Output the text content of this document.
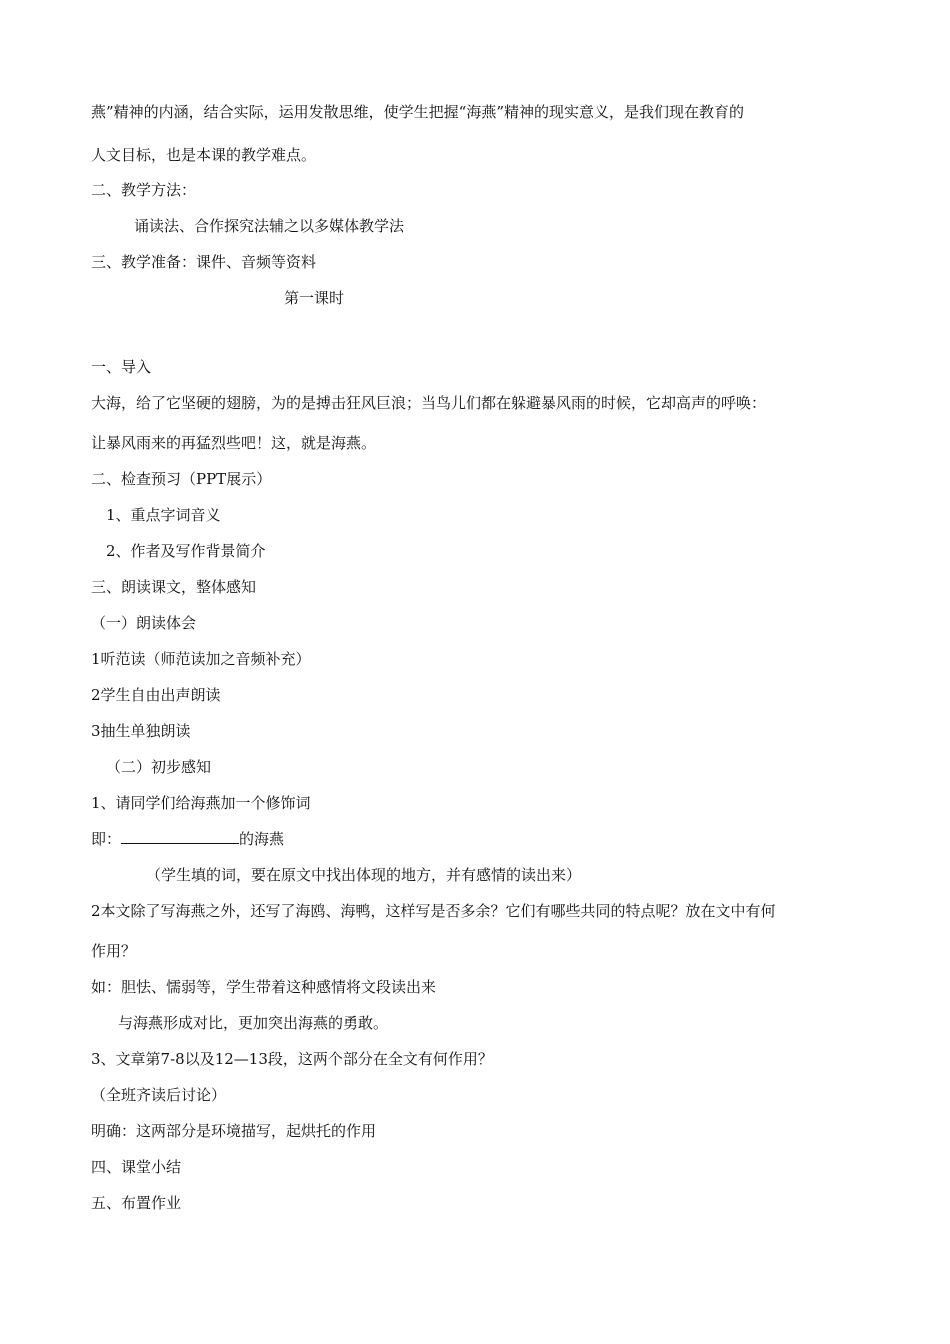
燕”精神的内涵，结合实际，运用发散思维，使学生把握“海燕”精神的现实意义，是我们现在教育的
人文目标，也是本课的教学难点。
二、教学方法：
诵读法、合作探究法辅之以多媒体教学法
三、教学准备：课件、音频等资料
第一课时
一、导入
大海，给了它坚硬的翅膀，为的是搏击狂风巨浪；当鸟儿们都在躲避暴风雨的时候，它却高声的呼唤：
让暴风雨来的再猛烈些吧！这，就是海燕。
二、检查预习（PPT展示）
1、重点字词音义
2、作者及写作背景简介
三、朗读课文，整体感知
（一）朗读体会
1听范读（师范读加之音频补充）
2学生自由出声朗读
3抽生单独朗读
（二）初步感知
1、请同学们给海燕加一个修饰词
即：	的海燕
（学生填的词，要在原文中找出体现的地方，并有感情的读出来）
2本文除了写海燕之外，还写了海鸥、海鸭，这样写是否多余？它们有哪些共同的特点呢？放在文中有何
作用？
如：胆怯、懦弱等，学生带着这种感情将文段读出来
与海燕形成对比，更加突出海燕的勇敢。
3、文章第7-8以及12—13段，这两个部分在全文有何作用？
（全班齐读后讨论）
明确：这两部分是环境描写，起烘托的作用
四、课堂小结
五、布置作业
